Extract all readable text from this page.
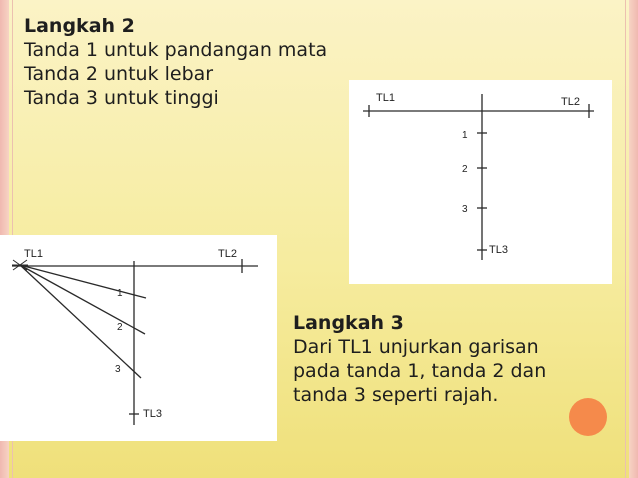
Langkah 2
Tanda 1 untuk pandangan mata
Tanda 2 untuk lebar
Tanda 3 untuk tinggi	TL1	TL2
1
2
3
TL3
TL1	TL2
1
2
3
TL3
Langkah 3
Dari TL1 unjurkan garisan
pada tanda 1, tanda 2 dan
tanda 3 seperti rajah.
